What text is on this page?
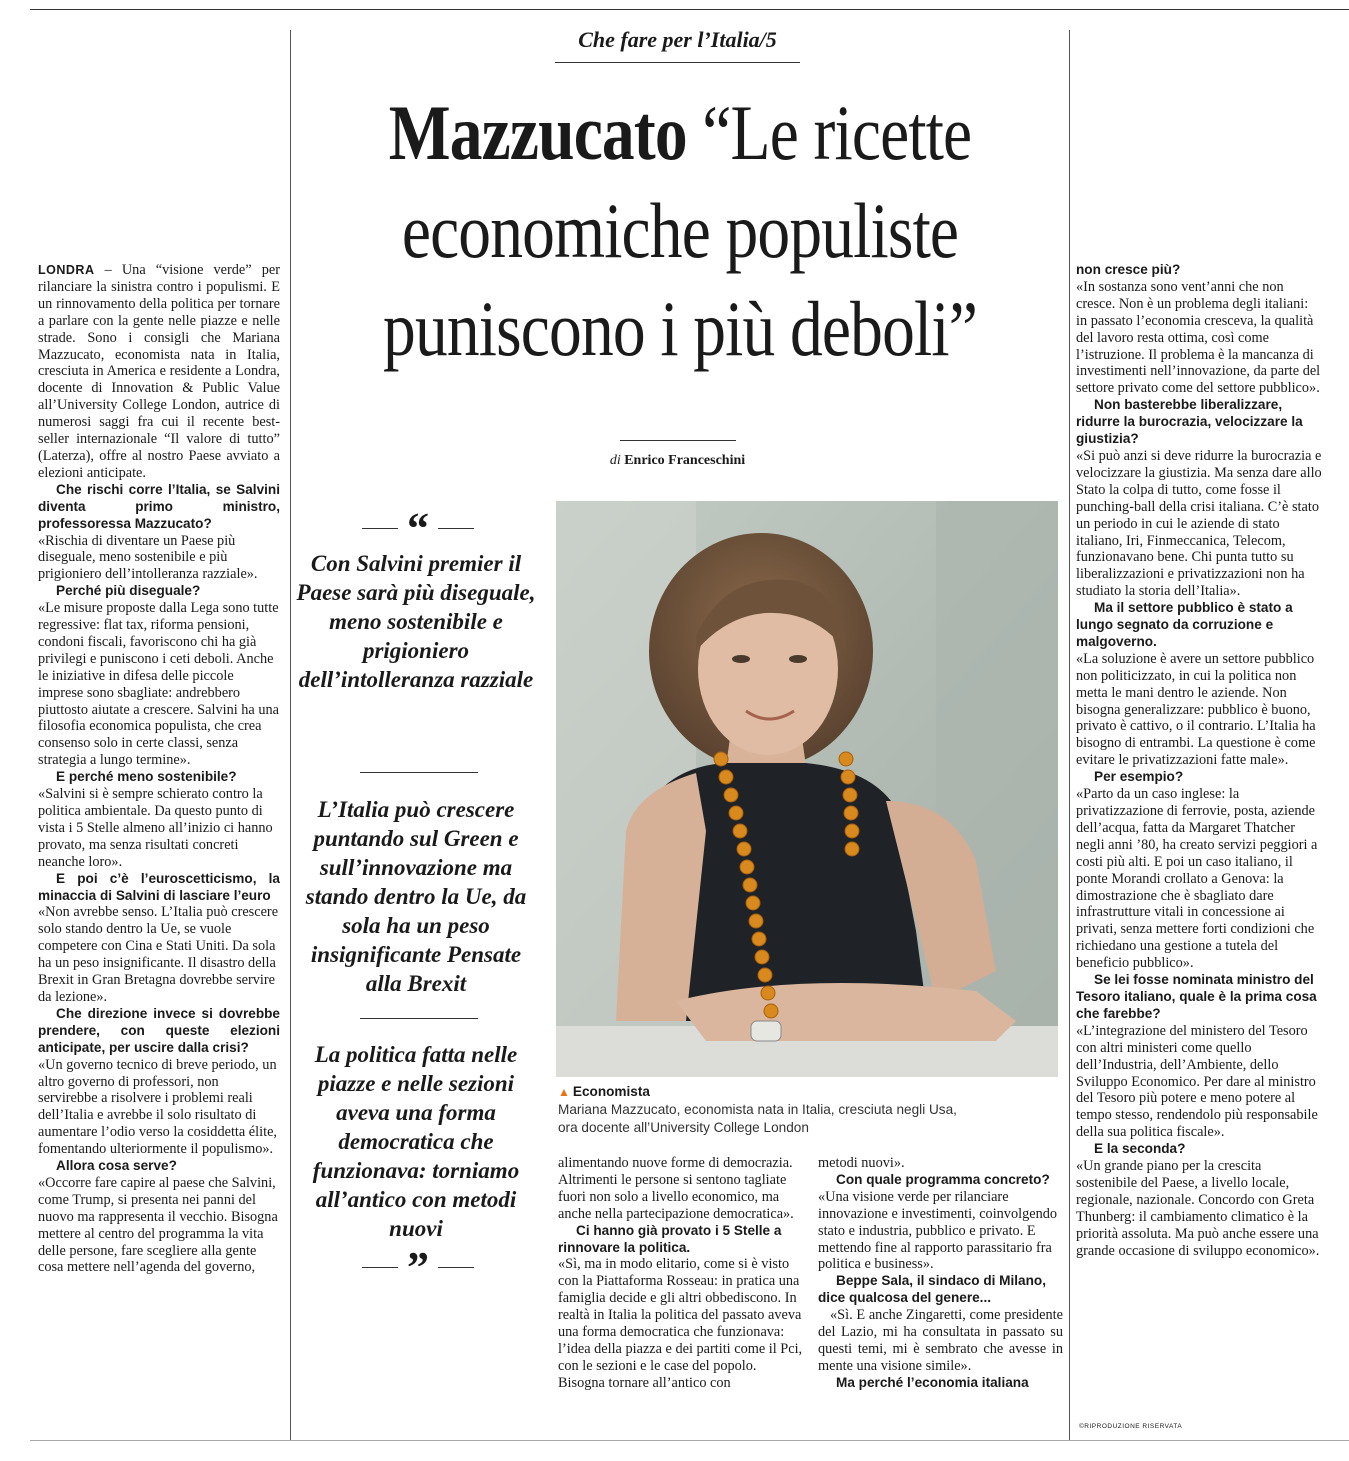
Che fare per l’Italia/5
Mazzucato “Le ricette
economiche populiste
puniscono i più deboli”
di Enrico Franceschini

LONDRA – Una “visione verde” per rilanciare la sinistra contro i populismi. E un rinnovamento della politica per tornare a parlare con la gente nelle piazze e nelle strade. Sono i consigli che Mariana Mazzucato, economista nata in Italia, cresciuta in America e residente a Londra, docente di Innovation & Public Value all’University College London, autrice di numerosi saggi fra cui il recente best-seller internazionale “Il valore di tutto” (Laterza), offre al nostro Paese avviato a elezioni anticipate.

Che rischi corre l’Italia, se Salvini diventa primo ministro, professoressa Mazzucato?

«Rischia di diventare un Paese più diseguale, meno sostenibile e più prigioniero dell’intolleranza razziale».

Perché più diseguale?

«Le misure proposte dalla Lega sono tutte regressive: flat tax, riforma pensioni, condoni fiscali, favoriscono chi ha già privilegi e puniscono i ceti deboli. Anche le iniziative in difesa delle piccole imprese sono sbagliate: andrebbero piuttosto aiutate a crescere. Salvini ha una filosofia economica populista, che crea consenso solo in certe classi, senza strategia a lungo termine».

E perché meno sostenibile?

«Salvini si è sempre schierato contro la politica ambientale. Da questo punto di vista i 5 Stelle almeno all’inizio ci hanno provato, ma senza risultati concreti neanche loro».

E poi c’è l’euroscetticismo, la minaccia di Salvini di lasciare l’euro

«Non avrebbe senso. L’Italia può crescere solo stando dentro la Ue, se vuole competere con Cina e Stati Uniti. Da sola ha un peso insignificante. Il disastro della Brexit in Gran Bretagna dovrebbe servire da lezione».

Che direzione invece si dovrebbe prendere, con queste elezioni anticipate, per uscire dalla crisi?

«Un governo tecnico di breve periodo, un altro governo di professori, non servirebbe a risolvere i problemi reali dell’Italia e avrebbe il solo risultato di aumentare l’odio verso la cosiddetta élite, fomentando ulteriormente il populismo».

Allora cosa serve?

«Occorre fare capire al paese che Salvini, come Trump, si presenta nei panni del nuovo ma rappresenta il vecchio. Bisogna mettere al centro del programma la vita delle persone, fare scegliere alla gente cosa mettere nell’agenda del governo,

“
Con Salvini premier il Paese sarà più diseguale, meno sostenibile e prigioniero dell’intolleranza razziale
L’Italia può crescere puntando sul Green e sull’innovazione ma stando dentro la Ue, da sola ha un peso insignificante Pensate alla Brexit
La politica fatta nelle piazze e nelle sezioni aveva una forma democratica che funzionava: torniamo all’antico con metodi nuovi
”
▲ Economista
Mariana Mazzucato, economista nata in Italia, cresciuta negli Usa, ora docente all’University College London

alimentando nuove forme di democrazia. Altrimenti le persone si sentono tagliate fuori non solo a livello economico, ma anche nella partecipazione democratica».

Ci hanno già provato i 5 Stelle a rinnovare la politica.

«Sì, ma in modo elitario, come si è visto con la Piattaforma Rosseau: in pratica una famiglia decide e gli altri obbediscono. In realtà in Italia la politica del passato aveva una forma democratica che funzionava: l’idea della piazza e dei partiti come il Pci, con le sezioni e le case del popolo. Bisogna tornare all’antico con

metodi nuovi».

Con quale programma concreto?

«Una visione verde per rilanciare innovazione e investimenti, coinvolgendo stato e industria, pubblico e privato. E mettendo fine al rapporto parassitario fra politica e business».

Beppe Sala, il sindaco di Milano, dice qualcosa del genere...

«Sì. E anche Zingaretti, come presidente del Lazio, mi ha consultata in passato su questi temi, mi è sembrato che avesse in mente una visione simile».

Ma perché l’economia italiana

non cresce più?

«In sostanza sono vent’anni che non cresce. Non è un problema degli italiani: in passato l’economia cresceva, la qualità del lavoro resta ottima, così come l’istruzione. Il problema è la mancanza di investimenti nell’innovazione, da parte del settore privato come del settore pubblico».

Non basterebbe liberalizzare, ridurre la burocrazia, velocizzare la giustizia?

«Si può anzi si deve ridurre la burocrazia e velocizzare la giustizia. Ma senza dare allo Stato la colpa di tutto, come fosse il punching-ball della crisi italiana. C’è stato un periodo in cui le aziende di stato italiano, Iri, Finmeccanica, Telecom, funzionavano bene. Chi punta tutto su liberalizzazioni e privatizzazioni non ha studiato la storia dell’Italia».

Ma il settore pubblico è stato a lungo segnato da corruzione e malgoverno.

«La soluzione è avere un settore pubblico non politicizzato, in cui la politica non metta le mani dentro le aziende. Non bisogna generalizzare: pubblico è buono, privato è cattivo, o il contrario. L’Italia ha bisogno di entrambi. La questione è come evitare le privatizzazioni fatte male».

Per esempio?

«Parto da un caso inglese: la privatizzazione di ferrovie, posta, aziende dell’acqua, fatta da Margaret Thatcher negli anni ’80, ha creato servizi peggiori a costi più alti. E poi un caso italiano, il ponte Morandi crollato a Genova: la dimostrazione che è sbagliato dare infrastrutture vitali in concessione ai privati, senza mettere forti condizioni che richiedano una gestione a tutela del beneficio pubblico».

Se lei fosse nominata ministro del Tesoro italiano, quale è la prima cosa che farebbe?

«L’integrazione del ministero del Tesoro con altri ministeri come quello dell’Industria, dell’Ambiente, dello Sviluppo Economico. Per dare al ministro del Tesoro più potere e meno potere al tempo stesso, rendendolo più responsabile della sua politica fiscale».

E la seconda?

«Un grande piano per la crescita sostenibile del Paese, a livello locale, regionale, nazionale. Concordo con Greta Thunberg: il cambiamento climatico è la priorità assoluta. Ma può anche essere una grande occasione di sviluppo economico».

©RIPRODUZIONE RISERVATA
